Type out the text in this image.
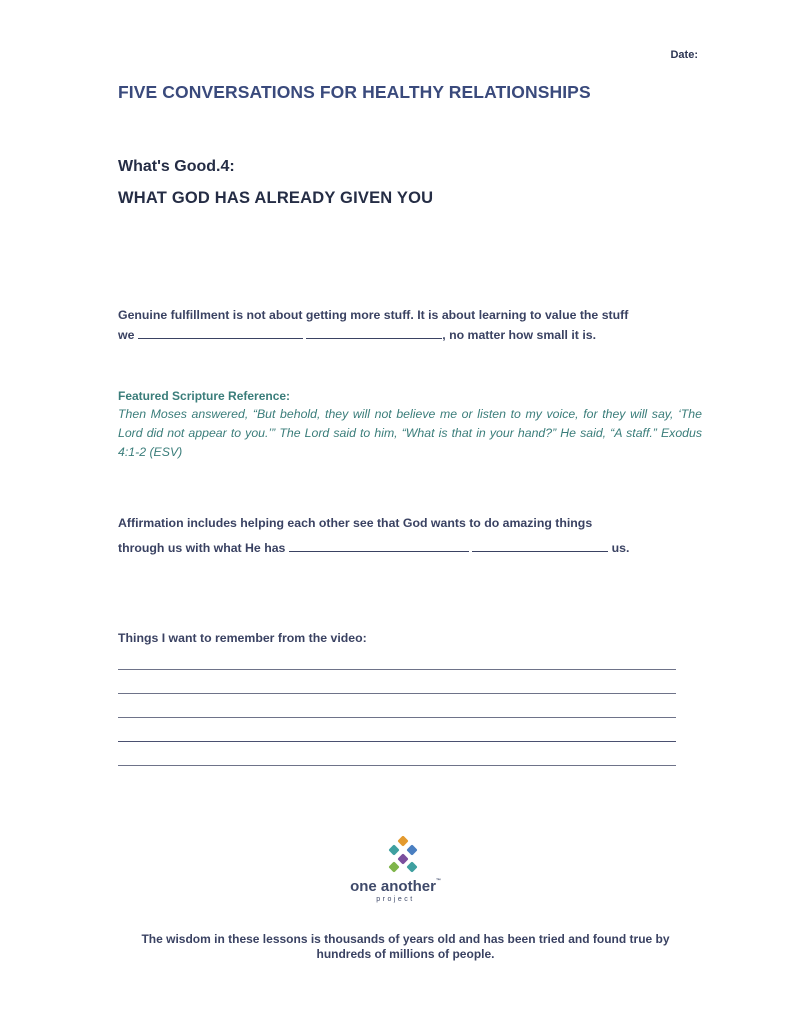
Date:
FIVE CONVERSATIONS FOR HEALTHY RELATIONSHIPS
What's Good.4:
WHAT GOD HAS ALREADY GIVEN YOU
Genuine fulfillment is not about getting more stuff. It is about learning to value the stuff
we	, no matter how small it is.
Featured Scripture Reference:
Then Moses answered, “But behold, they will not believe me or listen to my voice, for they will say, ‘The Lord did not appear to you.’” The Lord said to him, “What is that in your hand?” He said, “A staff.” Exodus 4:1-2 (ESV)
Affirmation includes helping each other see that God wants to do amazing things
through us with what He has	us.
Things I want to remember from the video:
one another™
project
The wisdom in these lessons is thousands of years old and has been tried and found true by hundreds of millions of people.
